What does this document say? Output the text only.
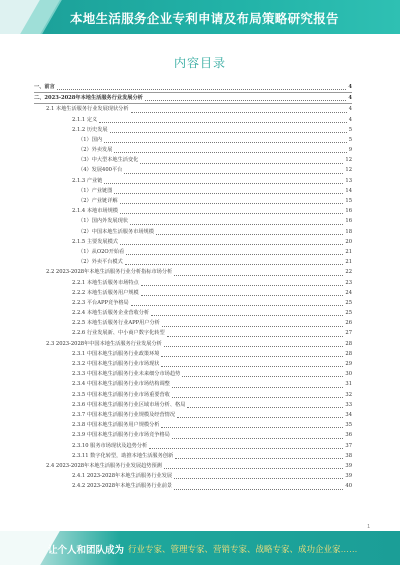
本地生活服务企业专利申请及布局策略研究报告
内容目录
一、前言	4
二、2023-2028年本地生活服务行业发展分析	4
2.1 本地生活服务行业发展现状分析	4
2.1.1 定义	4
2.1.2 历史发展	5
（1）国内	5
（2）外卖发展	9
（3）中大型本地生活变化	12
（4）发展400平台	12
2.1.3 产业链	13
（1）产业链图	14
（2）产业链详解	15
2.1.4 本地市场规模	16
（1）国内外发展现状	16
（2）中国本地生活服务市场规模	18
2.1.5 主要发展模式	20
（1）从O2O开始看	21
（2）外卖平台模式	21
2.2 2023-2028年本地生活服务行业分析指标市场分析	22
2.2.1 本地生活服务市场特点	23
2.2.2 本地生活服务用户规模	24
2.2.3 平台APP竞争格局	25
2.2.4 本地生活服务企业营收分析	25
2.2.5 本地生活服务行业APP用户分析	26
2.2.6 行业发展新、中小商户数字化转型	27
2.3 2023-2028年中国本地生活服务行业发展分析	28
2.3.1 中国本地生活服务行业政策环境	28
2.3.2 中国本地生活服务行业市场现状	29
2.3.3 中国本地生活服务行业未来细分市场趋势	30
2.3.4 中国本地生活服务行业市场结构调整	31
2.3.5 中国本地生活服务行业市场重要营收	32
2.3.6 中国本地生活服务行业区域市场分析、格局	33
2.3.7 中国本地生活服务行业规模及经营情况	34
2.3.8 中国本地生活服务用户规模分析	35
2.3.9 中国本地生活服务行业市场竞争格局	36
2.3.10 服务市场现状及趋势分析	37
2.3.11 数字化转型，助推本地生活服务创新	38
2.4 2023-2028年本地生活服务行业发展趋势预测	39
2.4.1 2023-2028年本地生活服务行业发展	39
2.4.2 2023-2028年本地生活服务行业前景	40
1
让个人和团队成为 行业专家、管理专家、营销专家、战略专家、成功企业家……
